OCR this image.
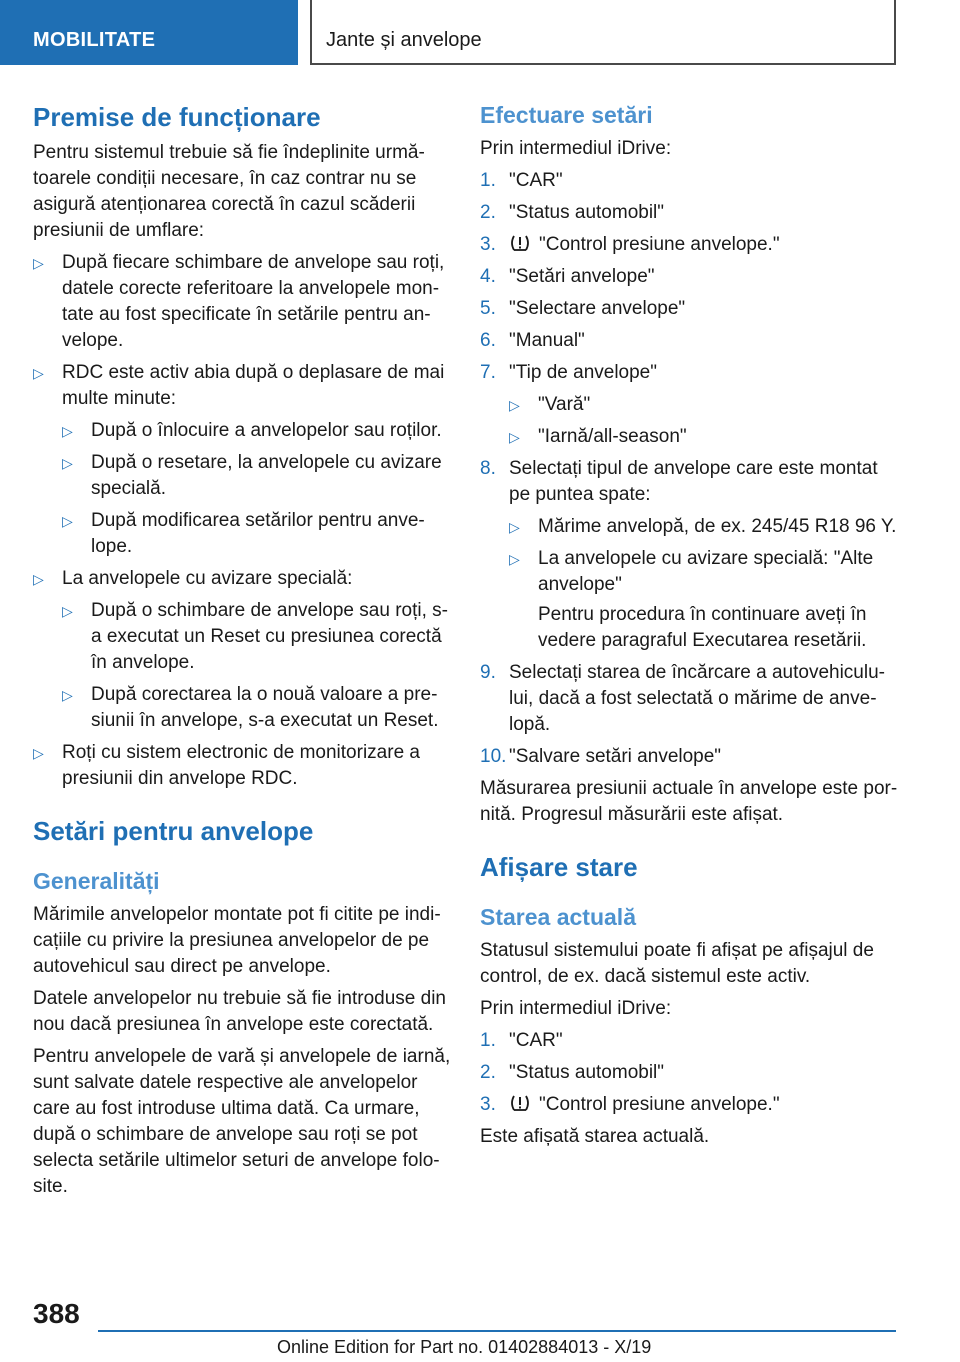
MOBILITATE	Jante și anvelope
Premise de funcționare

Pentru sistemul trebuie să fie îndeplinite următoarele condiții necesare, în caz contrar nu se asigură atenționarea corectă în cazul scăderii presiunii de umflare:

▷ După fiecare schimbare de anvelope sau roți, datele corecte referitoare la anvelopele montate au fost specificate în setările pentru anvelope.
▷ RDC este activ abia după o deplasare de mai multe minute:
▷ După o înlocuire a anvelopelor sau roților.
▷ După o resetare, la anvelopele cu avizare specială.
▷ După modificarea setărilor pentru anvelope.
▷ La anvelopele cu avizare specială:
▷ După o schimbare de anvelope sau roți, s-a executat un Reset cu presiunea corectă în anvelope.
▷ După corectarea la o nouă valoare a presiunii în anvelope, s-a executat un Reset.
▷ Roți cu sistem electronic de monitorizare a presiunii din anvelope RDC.
Setări pentru anvelope
Generalități

Mărimile anvelopelor montate pot fi citite pe indicațiile cu privire la presiunea anvelopelor de pe autovehicul sau direct pe anvelope.

Datele anvelopelor nu trebuie să fie introduse din nou dacă presiunea în anvelope este corectată.

Pentru anvelopele de vară și anvelopele de iarnă, sunt salvate datele respective ale anvelopelor care au fost introduse ultima dată. Ca urmare, după o schimbare de anvelope sau roți se pot selecta setările ultimelor seturi de anvelope folosite.

Efectuare setări

Prin intermediul iDrive:

1. "CAR"
2. "Status automobil"
3.	"Control presiune anvelope."
4. "Setări anvelope"
5. "Selectare anvelope"
6. "Manual"
7. "Tip de anvelope"
▷ "Vară"
▷ "Iarnă/all-season"
8. Selectați tipul de anvelope care este montat pe puntea spate:
▷ Mărime anvelopă, de ex. 245/45 R18 96 Y.
▷ La anvelopele cu avizare specială: "Alte anvelope"
Pentru procedura în continuare aveți în vedere paragraful Executarea resetării.
9. Selectați starea de încărcare a autovehiculului, dacă a fost selectată o mărime de anvelopă.
10. "Salvare setări anvelope"

Măsurarea presiunii actuale în anvelope este pornită. Progresul măsurării este afișat.

Afișare stare
Starea actuală

Statusul sistemului poate fi afișat pe afișajul de control, de ex. dacă sistemul este activ.

Prin intermediul iDrive:

1. "CAR"
2. "Status automobil"
3.	"Control presiune anvelope."

Este afișată starea actuală.

388
Online Edition for Part no. 01402884013 - X/19
